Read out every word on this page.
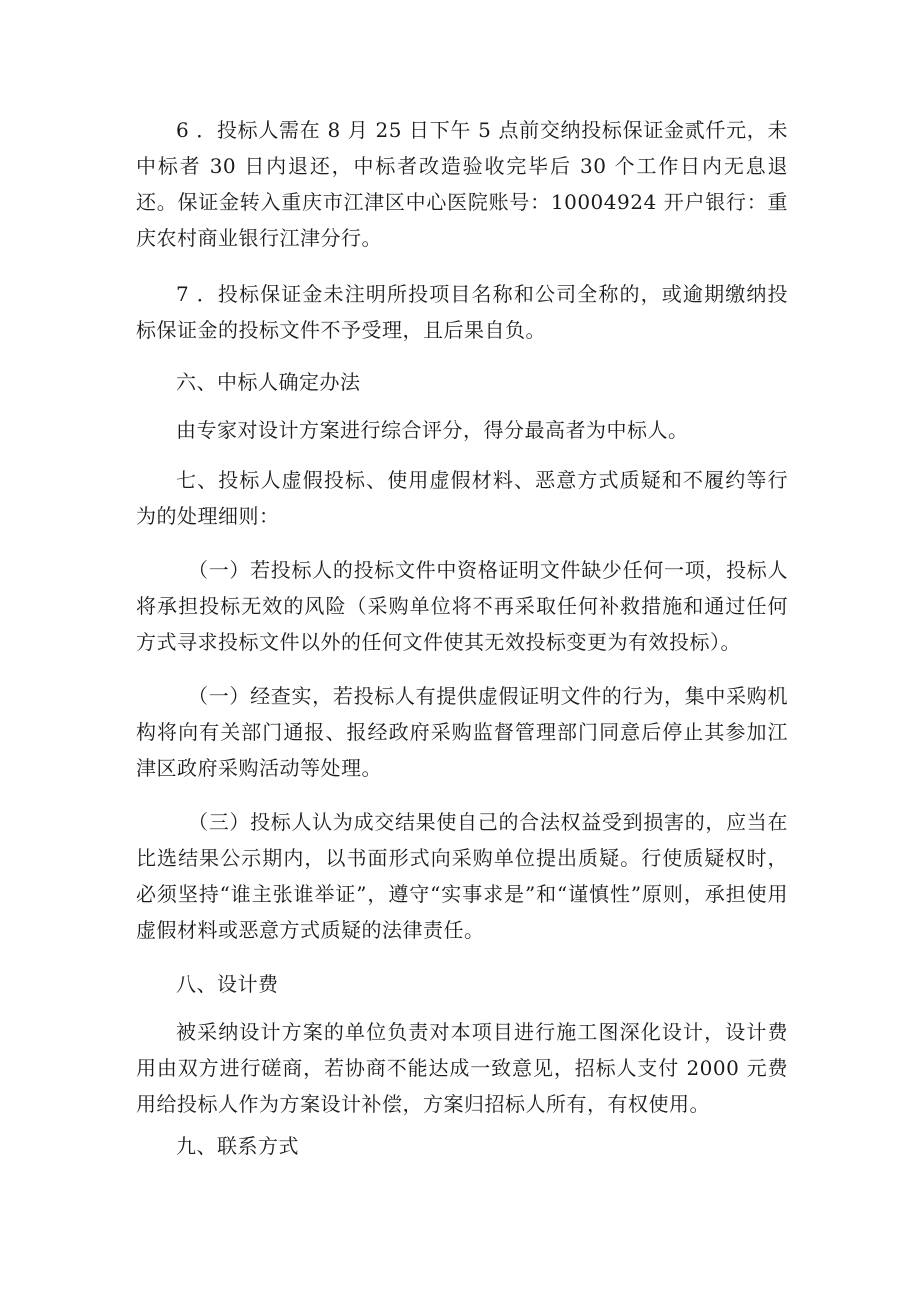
6 ．投标人需在 8 月 25 日下午 5 点前交纳投标保证金贰仟元，未中标者 30 日内退还，中标者改造验收完毕后 30 个工作日内无息退还。保证金转入重庆市江津区中心医院账号：10004924 开户银行：重庆农村商业银行江津分行。

7 ．投标保证金未注明所投项目名称和公司全称的，或逾期缴纳投标保证金的投标文件不予受理，且后果自负。

六、中标人确定办法

由专家对设计方案进行综合评分，得分最高者为中标人。

七、投标人虚假投标、使用虚假材料、恶意方式质疑和不履约等行为的处理细则：

（一）若投标人的投标文件中资格证明文件缺少任何一项，投标人将承担投标无效的风险（采购单位将不再采取任何补救措施和通过任何方式寻求投标文件以外的任何文件使其无效投标变更为有效投标）。

（一）经查实，若投标人有提供虚假证明文件的行为，集中采购机构将向有关部门通报、报经政府采购监督管理部门同意后停止其参加江津区政府采购活动等处理。

（三）投标人认为成交结果使自己的合法权益受到损害的，应当在比选结果公示期内，以书面形式向采购单位提出质疑。行使质疑权时，必须坚持“谁主张谁举证”，遵守“实事求是”和“谨慎性”原则，承担使用虚假材料或恶意方式质疑的法律责任。

八、设计费

被采纳设计方案的单位负责对本项目进行施工图深化设计，设计费用由双方进行磋商，若协商不能达成一致意见，招标人支付 2000 元费用给投标人作为方案设计补偿，方案归招标人所有，有权使用。

九、联系方式
